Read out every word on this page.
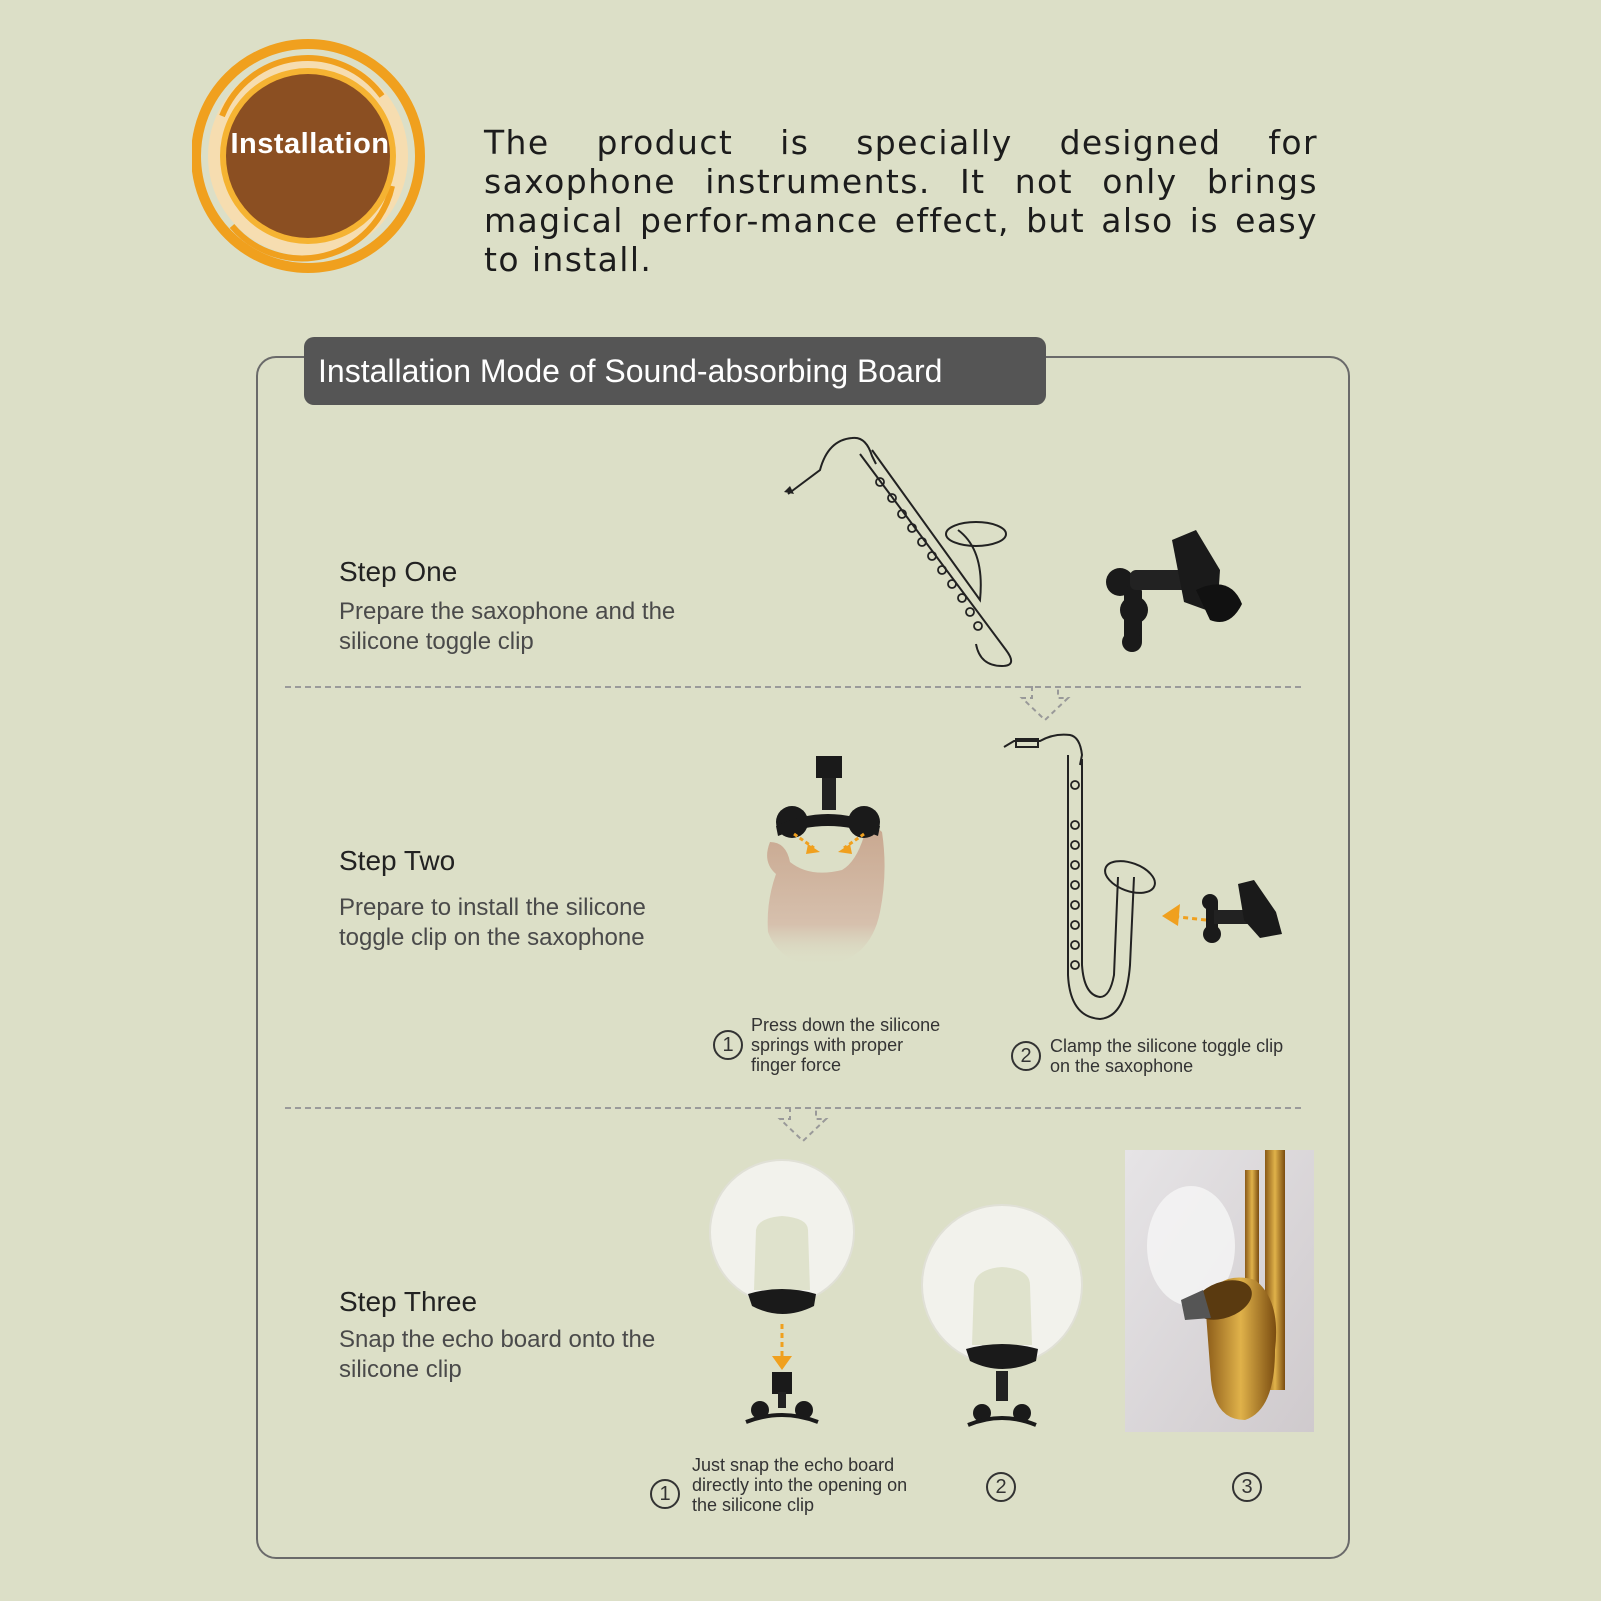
Installation	The product is specially designed for saxophone instruments. It not only brings magical perfor-mance effect, but also is easy to install.
Installation Mode of Sound-absorbing Board
Step One
Prepare the saxophone and the silicone toggle clip
Step Two
Prepare to install the silicone toggle clip on the saxophone
1
Press down the silicone springs with proper finger force	2	Clamp the silicone toggle clip on the saxophone
Step Three
Snap the echo board onto the silicone clip
1
Just snap the echo board directly into the opening on the silicone clip
2	3
